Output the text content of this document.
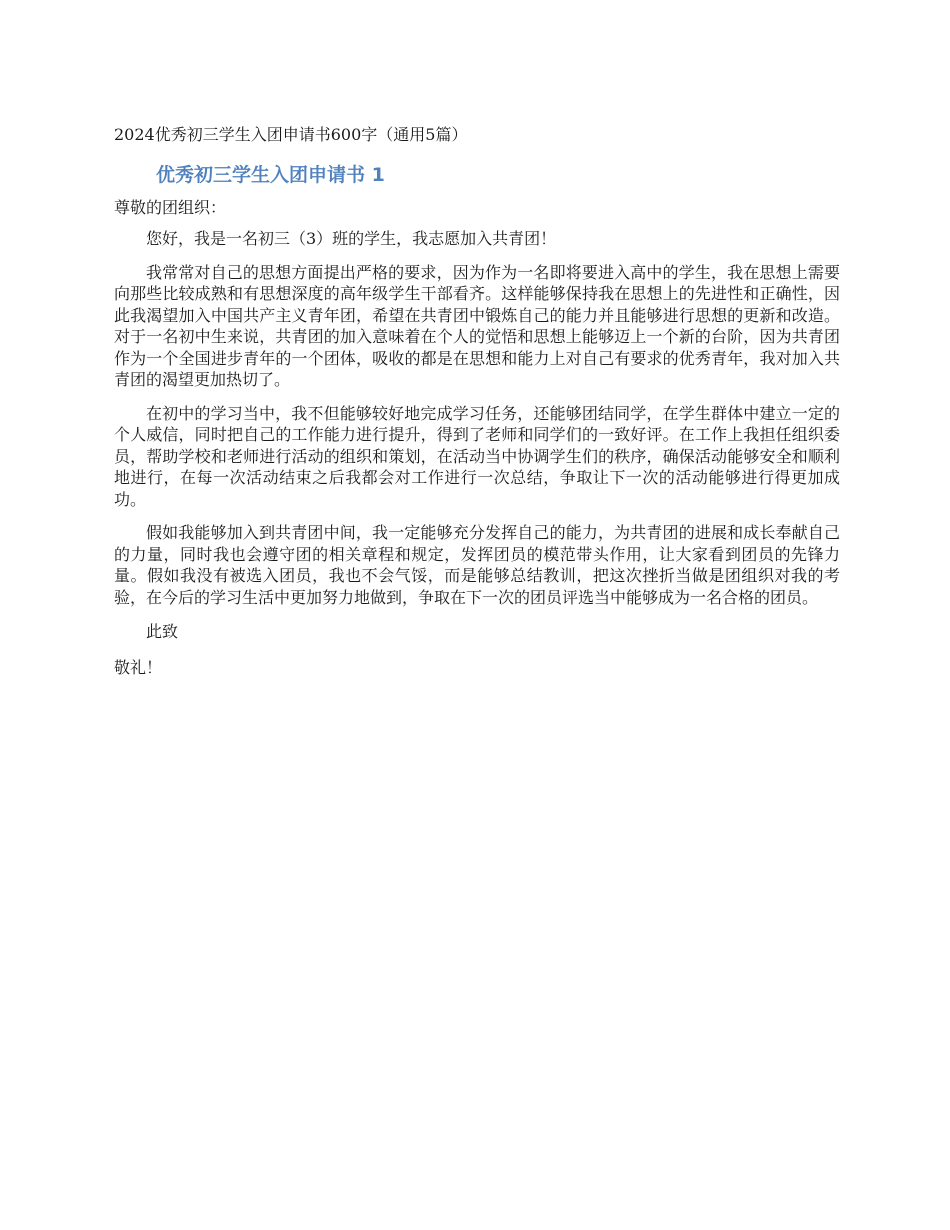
2024优秀初三学生入团申请书600字（通用5篇）

优秀初三学生入团申请书 1

尊敬的团组织：

您好，我是一名初三（3）班的学生，我志愿加入共青团！

我常常对自己的思想方面提出严格的要求，因为作为一名即将要进入高中的学生，我在思想上需要向那些比较成熟和有思想深度的高年级学生干部看齐。这样能够保持我在思想上的先进性和正确性，因此我渴望加入中国共产主义青年团，希望在共青团中锻炼自己的能力并且能够进行思想的更新和改造。对于一名初中生来说，共青团的加入意味着在个人的觉悟和思想上能够迈上一个新的台阶，因为共青团作为一个全国进步青年的一个团体，吸收的都是在思想和能力上对自己有要求的优秀青年，我对加入共青团的渴望更加热切了。

在初中的学习当中，我不但能够较好地完成学习任务，还能够团结同学，在学生群体中建立一定的个人威信，同时把自己的工作能力进行提升，得到了老师和同学们的一致好评。在工作上我担任组织委员，帮助学校和老师进行活动的组织和策划，在活动当中协调学生们的秩序，确保活动能够安全和顺利地进行，在每一次活动结束之后我都会对工作进行一次总结，争取让下一次的活动能够进行得更加成功。

假如我能够加入到共青团中间，我一定能够充分发挥自己的能力，为共青团的进展和成长奉献自己的力量，同时我也会遵守团的相关章程和规定，发挥团员的模范带头作用，让大家看到团员的先锋力量。假如我没有被选入团员，我也不会气馁，而是能够总结教训，把这次挫折当做是团组织对我的考验，在今后的学习生活中更加努力地做到，争取在下一次的团员评选当中能够成为一名合格的团员。

此致

敬礼！
